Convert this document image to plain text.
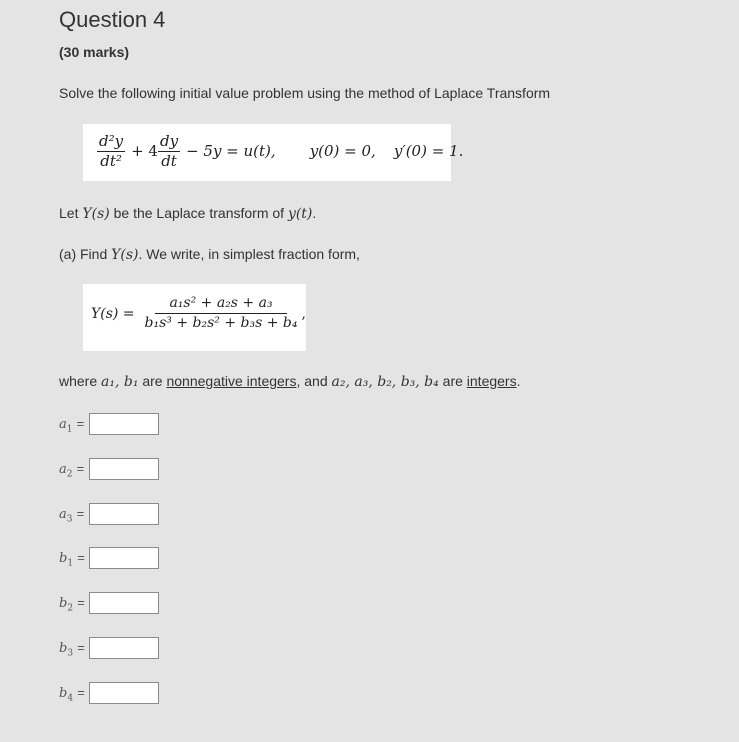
Question 4
(30 marks)
Solve the following initial value problem using the method of Laplace Transform
$\frac{\text{d²y}}{\text{dt²}} + 4 \frac{dy}{dt} - 5y = u(t)$, y(0) = 0, y′(0) = 1.
Let Y(s) be the Laplace transform of y(t).
(a) Find Y(s). We write, in simplest fraction form,
$Y(s) = \frac{\text{a₁s² + a₂s + a₃}}{\text{b₁s³ + b₂s² + b₃s + b₄}}$ ,
where a₁, b₁ are nonnegative integers, and a₂, a₃, b₂, b₃, b₄ are integers.
$a_1$ =
$a_2$ =
$a_3$ =
$b_1$ =
$b_2$ =
$b_3$ =
$b_4$ =
